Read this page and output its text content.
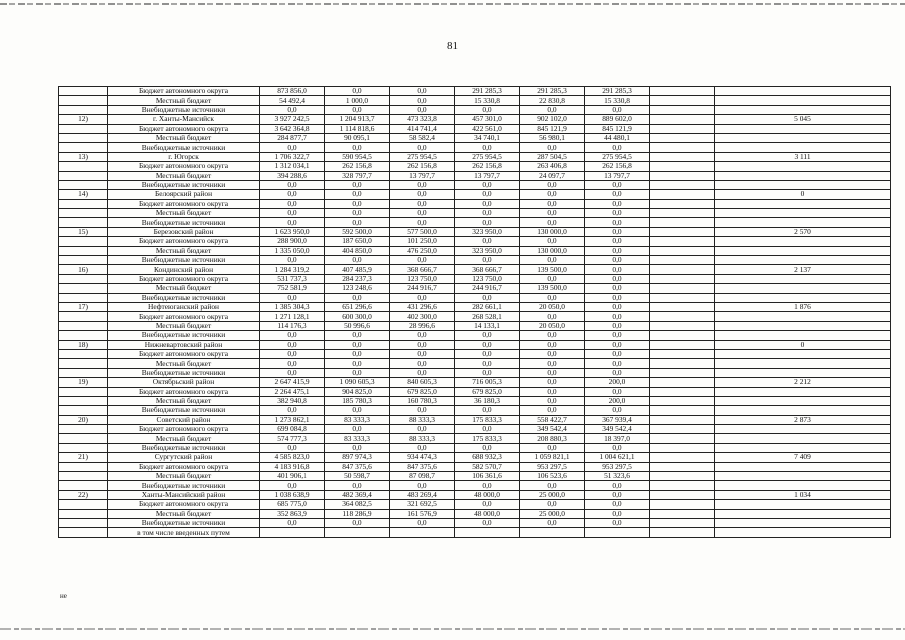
81
	Бюджет автономного округа	873 856,0	0,0	0,0	291 285,3	291 285,3	291 285,3		
	Местный бюджет	54 492,4	1 000,0	0,0	15 330,8	22 830,8	15 330,8		
	Внебюджетные источники	0,0	0,0	0,0	0,0	0,0	0,0		
12)	г. Ханты-Мансийск	3 927 242,5	1 204 913,7	473 323,8	457 301,0	902 102,0	889 602,0		5 045
	Бюджет автономного округа	3 642 364,8	1 114 818,6	414 741,4	422 561,0	845 121,9	845 121,9		
	Местный бюджет	284 877,7	90 095,1	58 582,4	34 740,1	56 980,1	44 480,1		
	Внебюджетные источники	0,0	0,0	0,0	0,0	0,0	0,0		
13)	г. Югорск	1 706 322,7	590 954,5	275 954,5	275 954,5	287 504,5	275 954,5		3 111
	Бюджет автономного округа	1 312 034,1	262 156,8	262 156,8	262 156,8	263 406,8	262 156,8		
	Местный бюджет	394 288,6	328 797,7	13 797,7	13 797,7	24 097,7	13 797,7		
	Внебюджетные источники	0,0	0,0	0,0	0,0	0,0	0,0		
14)	Белоярский район	0,0	0,0	0,0	0,0	0,0	0,0		0
	Бюджет автономного округа	0,0	0,0	0,0	0,0	0,0	0,0		
	Местный бюджет	0,0	0,0	0,0	0,0	0,0	0,0		
	Внебюджетные источники	0,0	0,0	0,0	0,0	0,0	0,0		
15)	Березовский район	1 623 950,0	592 500,0	577 500,0	323 950,0	130 000,0	0,0		2 570
	Бюджет автономного округа	288 900,0	187 650,0	101 250,0	0,0	0,0	0,0		
	Местный бюджет	1 335 050,0	404 850,0	476 250,0	323 950,0	130 000,0	0,0		
	Внебюджетные источники	0,0	0,0	0,0	0,0	0,0	0,0		
16)	Кондинский район	1 284 319,2	407 485,9	368 666,7	368 666,7	139 500,0	0,0		2 137
	Бюджет автономного округа	531 737,3	284 237,3	123 750,0	123 750,0	0,0	0,0		
	Местный бюджет	752 581,9	123 248,6	244 916,7	244 916,7	139 500,0	0,0		
	Внебюджетные источники	0,0	0,0	0,0	0,0	0,0	0,0		
17)	Нефтеюганский район	1 385 304,3	651 296,6	431 296,6	282 661,1	20 050,0	0,0		1 876
	Бюджет автономного округа	1 271 128,1	600 300,0	402 300,0	268 528,1	0,0	0,0		
	Местный бюджет	114 176,3	50 996,6	28 996,6	14 133,1	20 050,0	0,0		
	Внебюджетные источники	0,0	0,0	0,0	0,0	0,0	0,0		
18)	Нижневартовский район	0,0	0,0	0,0	0,0	0,0	0,0		0
	Бюджет автономного округа	0,0	0,0	0,0	0,0	0,0	0,0		
	Местный бюджет	0,0	0,0	0,0	0,0	0,0	0,0		
	Внебюджетные источники	0,0	0,0	0,0	0,0	0,0	0,0		
19)	Октябрьский район	2 647 415,9	1 090 605,3	840 605,3	716 005,3	0,0	200,0		2 212
	Бюджет автономного округа	2 264 475,1	904 825,0	679 825,0	679 825,0	0,0	0,0		
	Местный бюджет	382 940,8	185 780,3	160 780,3	36 180,3	0,0	200,0		
	Внебюджетные источники	0,0	0,0	0,0	0,0	0,0	0,0		
20)	Советский район	1 273 862,1	83 333,3	88 333,3	175 833,3	558 422,7	367 939,4		2 873
	Бюджет автономного округа	699 084,8	0,0	0,0	0,0	349 542,4	349 542,4		
	Местный бюджет	574 777,3	83 333,3	88 333,3	175 833,3	208 880,3	18 397,0		
	Внебюджетные источники	0,0	0,0	0,0	0,0	0,0	0,0		
21)	Сургутский район	4 585 823,0	897 974,3	934 474,3	688 932,3	1 059 821,1	1 004 621,1		7 409
	Бюджет автономного округа	4 183 916,8	847 375,6	847 375,6	582 570,7	953 297,5	953 297,5		
	Местный бюджет	401 906,1	50 598,7	87 098,7	106 361,6	106 523,6	51 323,6		
	Внебюджетные источники	0,0	0,0	0,0	0,0	0,0	0,0		
22)	Ханты-Мансийский район	1 038 638,9	482 369,4	483 269,4	48 000,0	25 000,0	0,0		1 034
	Бюджет автономного округа	685 775,0	364 082,5	321 692,5	0,0	0,0	0,0		
	Местный бюджет	352 863,9	118 286,9	161 576,9	48 000,0	25 000,0	0,0		
	Внебюджетные источники	0,0	0,0	0,0	0,0	0,0	0,0		
	в том числе введенных путем								
не
